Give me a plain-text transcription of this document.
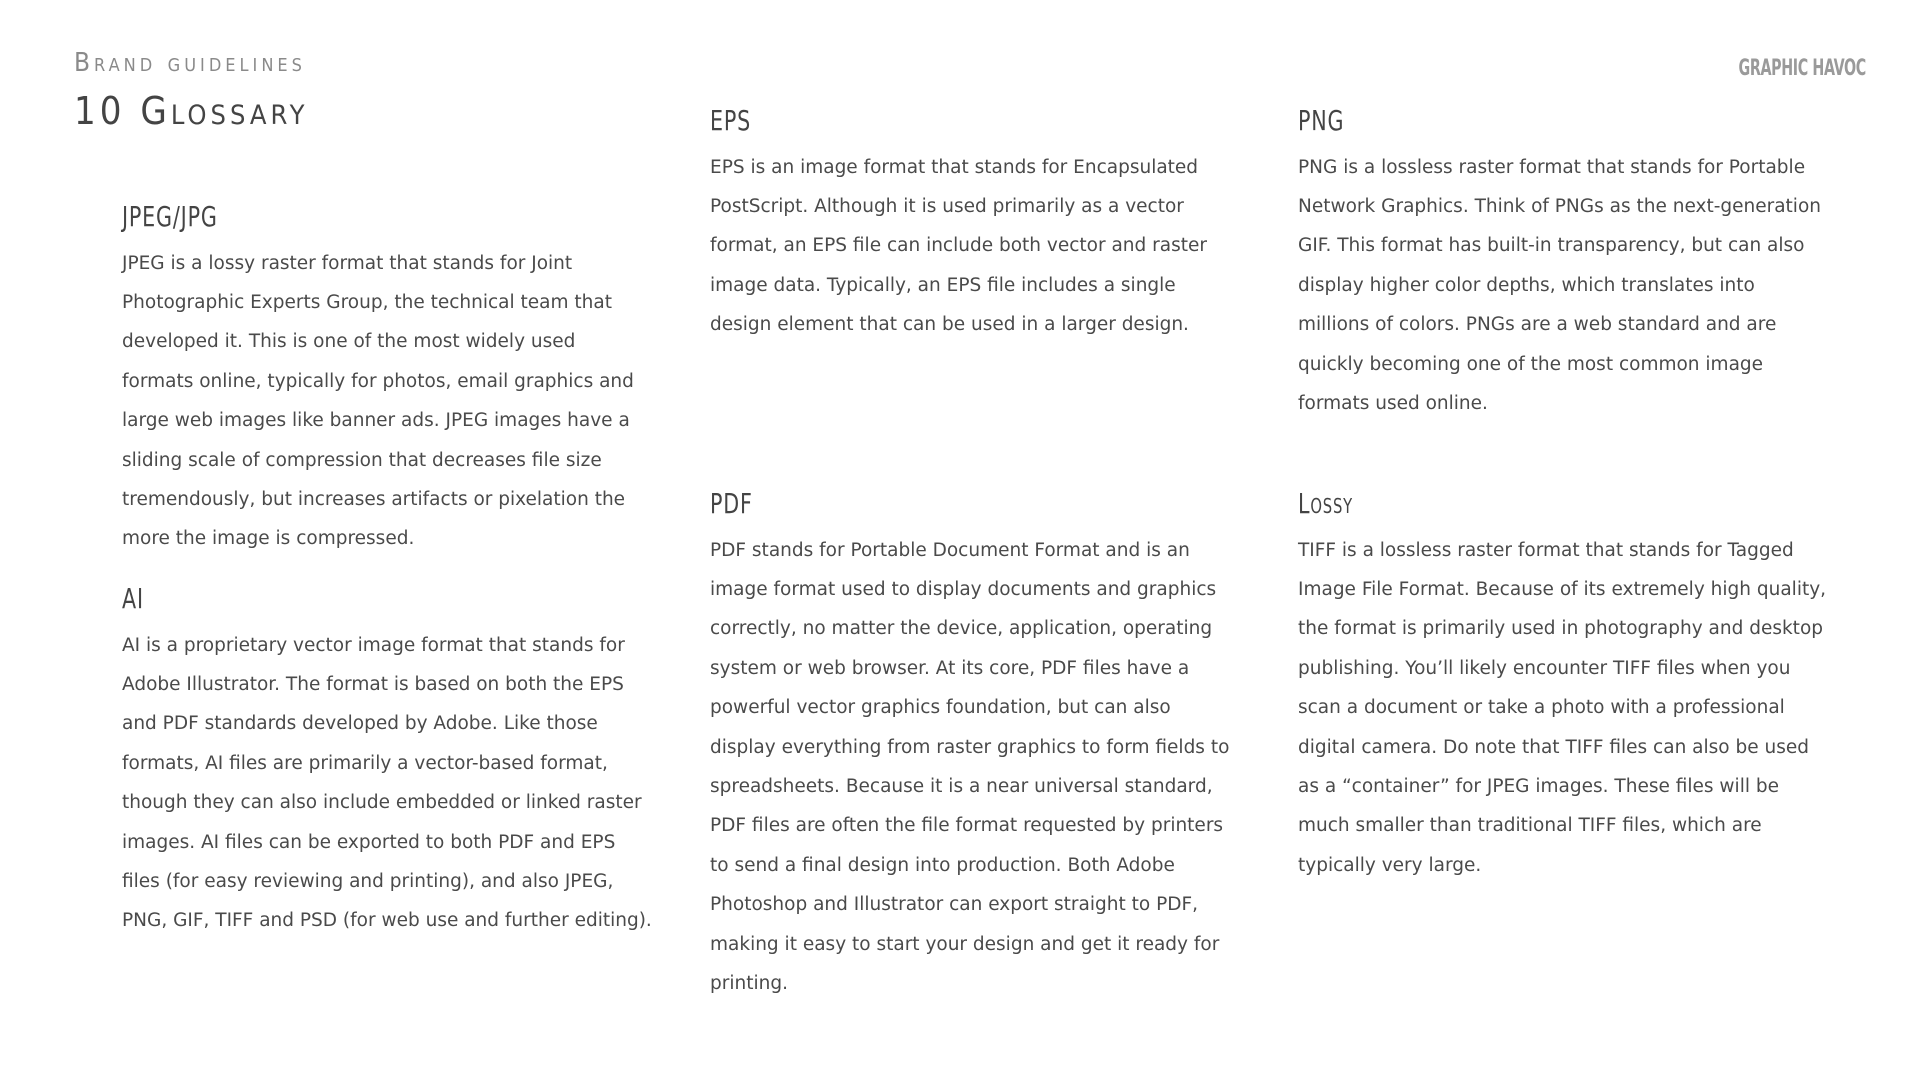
Brand guidelines
10 Glossary
GRAPHIC HAVOC
JPEG/JPG

JPEG is a lossy raster format that stands for Joint Photographic Experts Group, the technical team that developed it. This is one of the most widely used formats online, typically for photos, email graphics and large web images like banner ads. JPEG images have a sliding scale of compression that decreases file size tremendously, but increases artifacts or pixelation the more the image is compressed.

AI

AI is a proprietary vector image format that stands for Adobe Illustrator. The format is based on both the EPS and PDF standards developed by Adobe. Like those formats, AI files are primarily a vector-based format, though they can also include embedded or linked raster images. AI files can be exported to both PDF and EPS files (for easy reviewing and printing), and also JPEG, PNG, GIF, TIFF and PSD (for web use and further editing).

EPS

EPS is an image format that stands for Encapsulated PostScript. Although it is used primarily as a vector format, an EPS file can include both vector and raster image data. Typically, an EPS file includes a single design element that can be used in a larger design.

PDF

PDF stands for Portable Document Format and is an image format used to display documents and graphics correctly, no matter the device, application, operating system or web browser. At its core, PDF files have a powerful vector graphics foundation, but can also display everything from raster graphics to form fields to spreadsheets. Because it is a near universal standard, PDF files are often the file format requested by printers to send a final design into production. Both Adobe Photoshop and Illustrator can export straight to PDF, making it easy to start your design and get it ready for printing.

PNG

PNG is a lossless raster format that stands for Portable Network Graphics. Think of PNGs as the next-generation GIF. This format has built-in transparency, but can also display higher color depths, which translates into millions of colors. PNGs are a web standard and are quickly becoming one of the most common image formats used online.

Lossy

TIFF is a lossless raster format that stands for Tagged Image File Format. Because of its extremely high quality, the format is primarily used in photography and desktop publishing. You’ll likely encounter TIFF files when you scan a document or take a photo with a professional digital camera. Do note that TIFF files can also be used as a “container” for JPEG images. These files will be much smaller than traditional TIFF files, which are typically very large.
